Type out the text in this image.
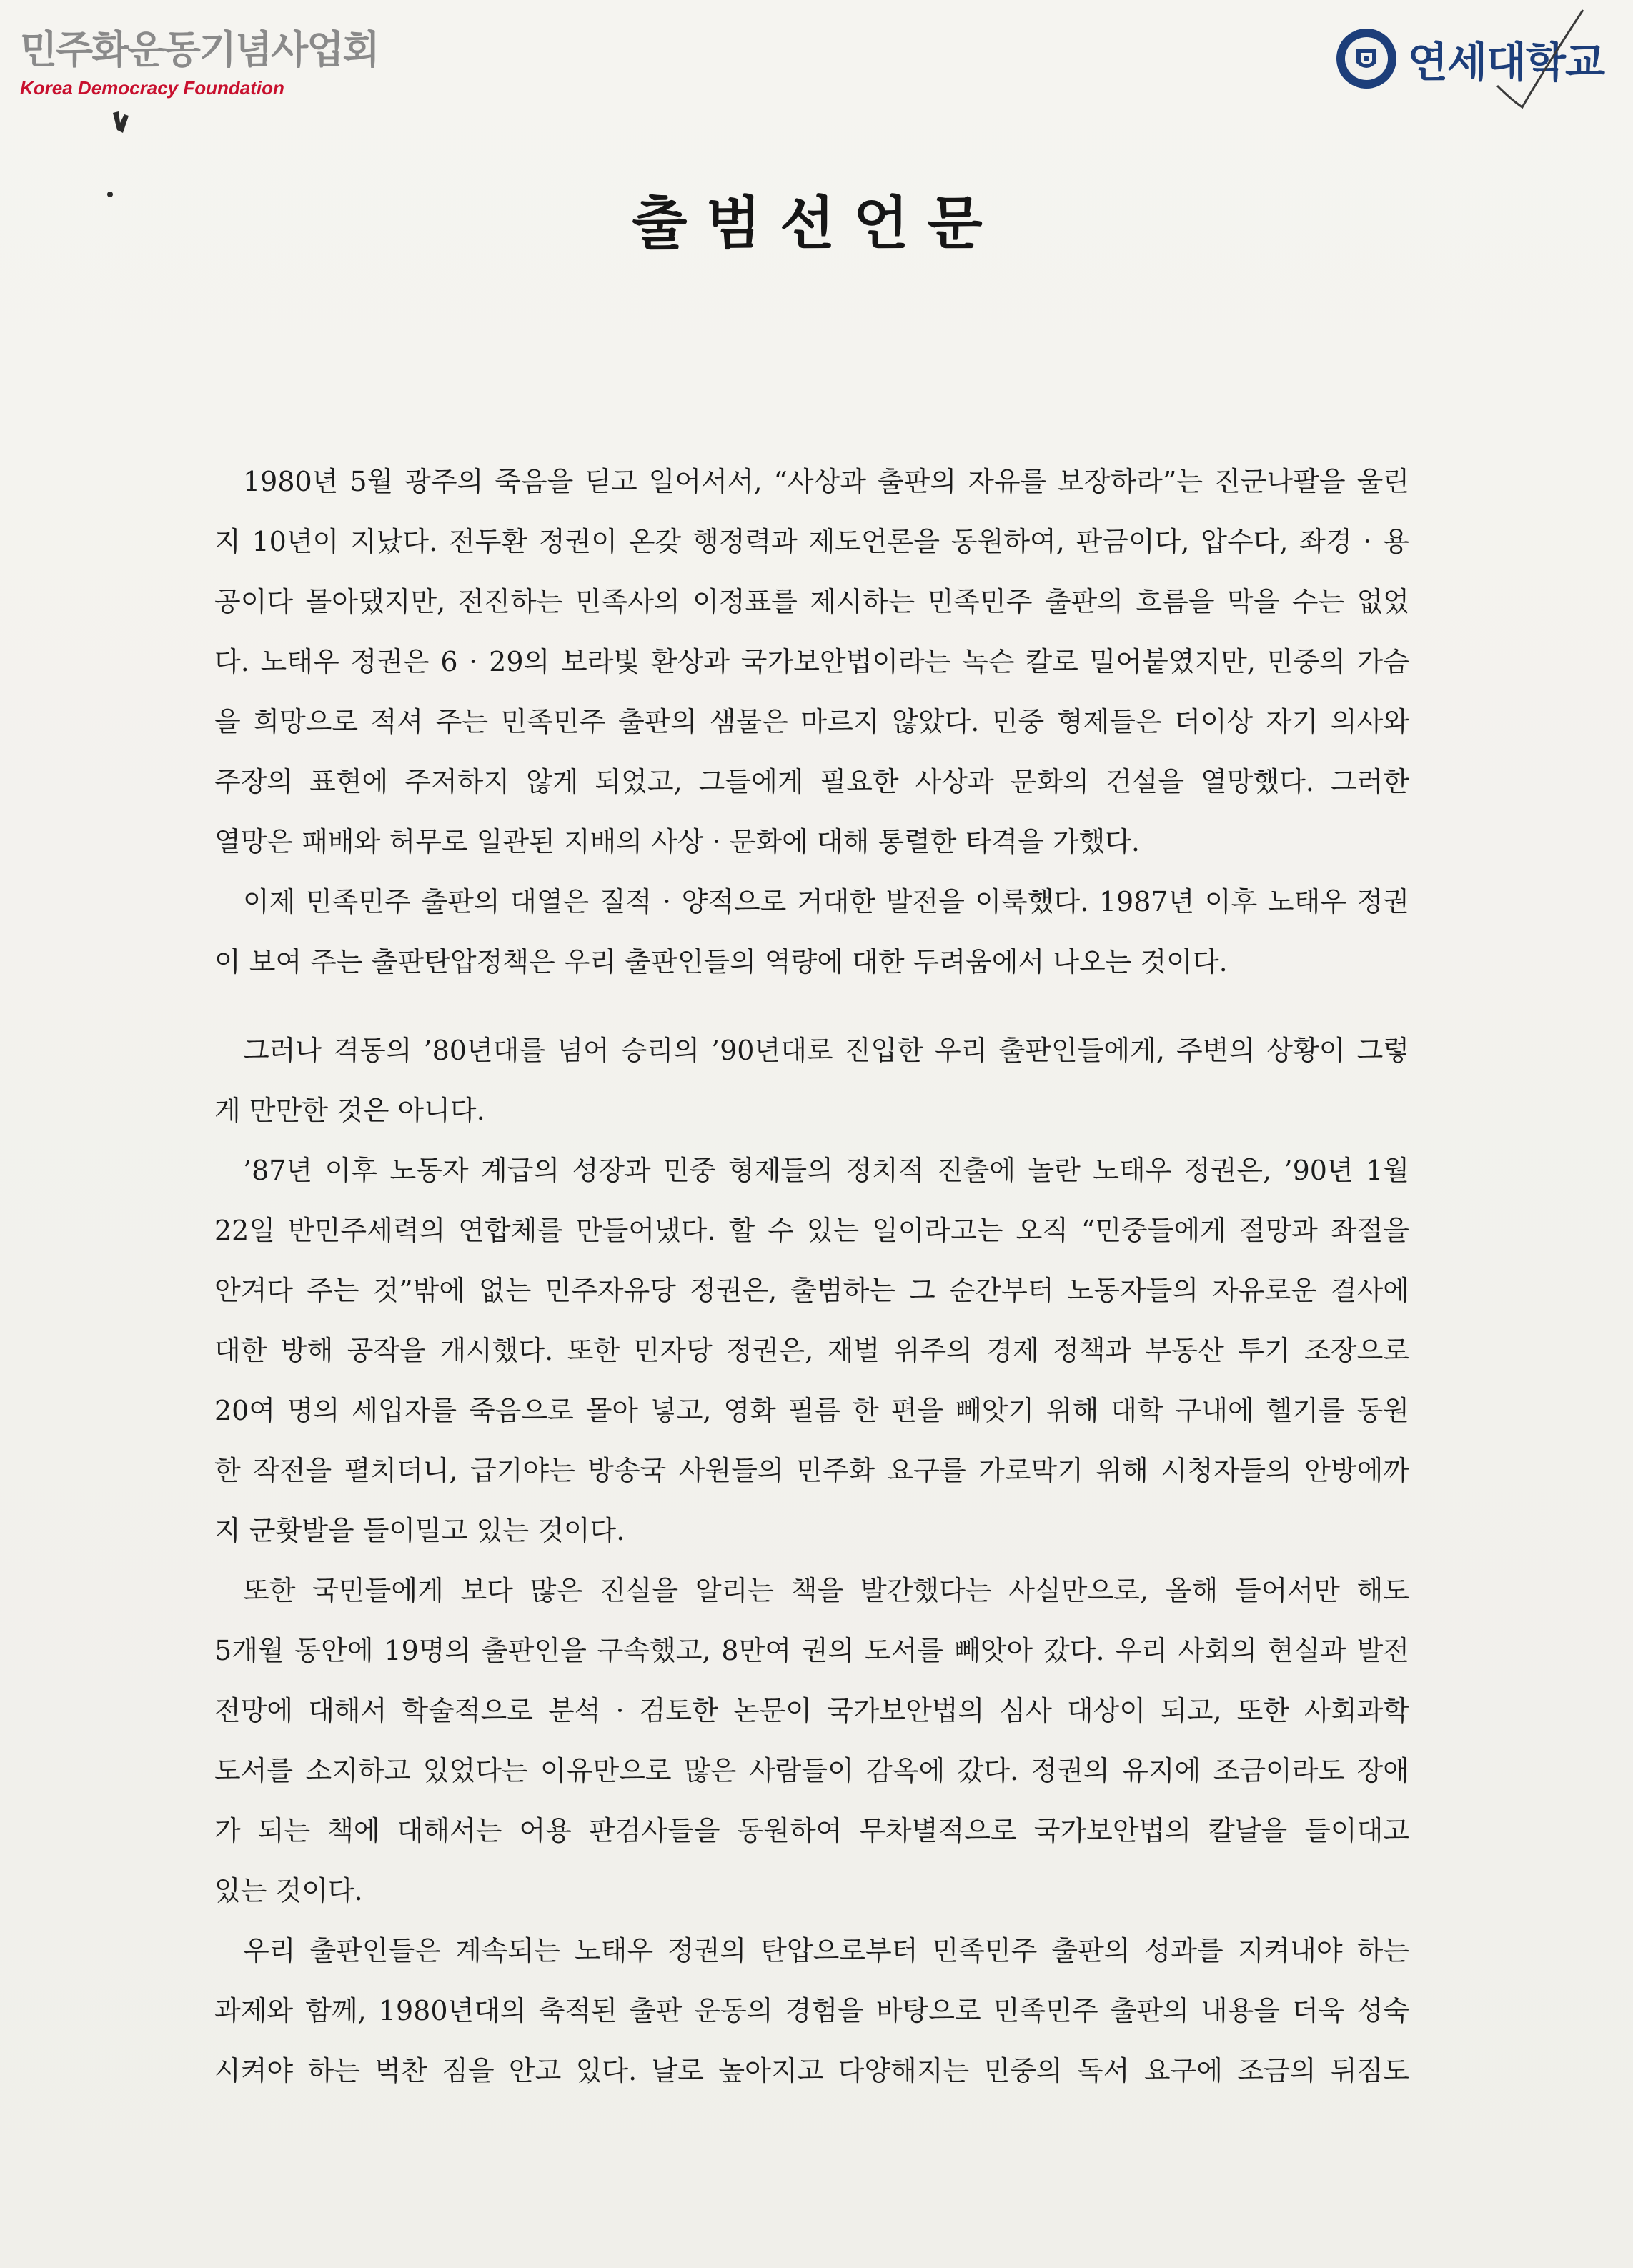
민주화운동기념사업회
Korea Democracy Foundation
연세대학교
출범선언문
1980년 5월 광주의 죽음을 딛고 일어서서, “사상과 출판의 자유를 보장하라”는 진군나팔을 울린
지 10년이 지났다. 전두환 정권이 온갖 행정력과 제도언론을 동원하여, 판금이다, 압수다, 좌경 · 용
공이다 몰아댔지만, 전진하는 민족사의 이정표를 제시하는 민족민주 출판의 흐름을 막을 수는 없었
다. 노태우 정권은 6 · 29의 보라빛 환상과 국가보안법이라는 녹슨 칼로 밀어붙였지만, 민중의 가슴
을 희망으로 적셔 주는 민족민주 출판의 샘물은 마르지 않았다. 민중 형제들은 더이상 자기 의사와
주장의 표현에 주저하지 않게 되었고, 그들에게 필요한 사상과 문화의 건설을 열망했다. 그러한
열망은 패배와 허무로 일관된 지배의 사상 · 문화에 대해 통렬한 타격을 가했다.
이제 민족민주 출판의 대열은 질적 · 양적으로 거대한 발전을 이룩했다. 1987년 이후 노태우 정권
이 보여 주는 출판탄압정책은 우리 출판인들의 역량에 대한 두려움에서 나오는 것이다.
그러나 격동의 ’80년대를 넘어 승리의 ’90년대로 진입한 우리 출판인들에게, 주변의 상황이 그렇
게 만만한 것은 아니다.
’87년 이후 노동자 계급의 성장과 민중 형제들의 정치적 진출에 놀란 노태우 정권은, ’90년 1월
22일 반민주세력의 연합체를 만들어냈다. 할 수 있는 일이라고는 오직 “민중들에게 절망과 좌절을
안겨다 주는 것”밖에 없는 민주자유당 정권은, 출범하는 그 순간부터 노동자들의 자유로운 결사에
대한 방해 공작을 개시했다. 또한 민자당 정권은, 재벌 위주의 경제 정책과 부동산 투기 조장으로
20여 명의 세입자를 죽음으로 몰아 넣고, 영화 필름 한 편을 빼앗기 위해 대학 구내에 헬기를 동원
한 작전을 펼치더니, 급기야는 방송국 사원들의 민주화 요구를 가로막기 위해 시청자들의 안방에까
지 군홧발을 들이밀고 있는 것이다.
또한 국민들에게 보다 많은 진실을 알리는 책을 발간했다는 사실만으로, 올해 들어서만 해도
5개월 동안에 19명의 출판인을 구속했고, 8만여 권의 도서를 빼앗아 갔다. 우리 사회의 현실과 발전
전망에 대해서 학술적으로 분석 · 검토한 논문이 국가보안법의 심사 대상이 되고, 또한 사회과학
도서를 소지하고 있었다는 이유만으로 많은 사람들이 감옥에 갔다. 정권의 유지에 조금이라도 장애
가 되는 책에 대해서는 어용 판검사들을 동원하여 무차별적으로 국가보안법의 칼날을 들이대고
있는 것이다.
우리 출판인들은 계속되는 노태우 정권의 탄압으로부터 민족민주 출판의 성과를 지켜내야 하는
과제와 함께, 1980년대의 축적된 출판 운동의 경험을 바탕으로 민족민주 출판의 내용을 더욱 성숙
시켜야 하는 벅찬 짐을 안고 있다. 날로 높아지고 다양해지는 민중의 독서 요구에 조금의 뒤짐도
